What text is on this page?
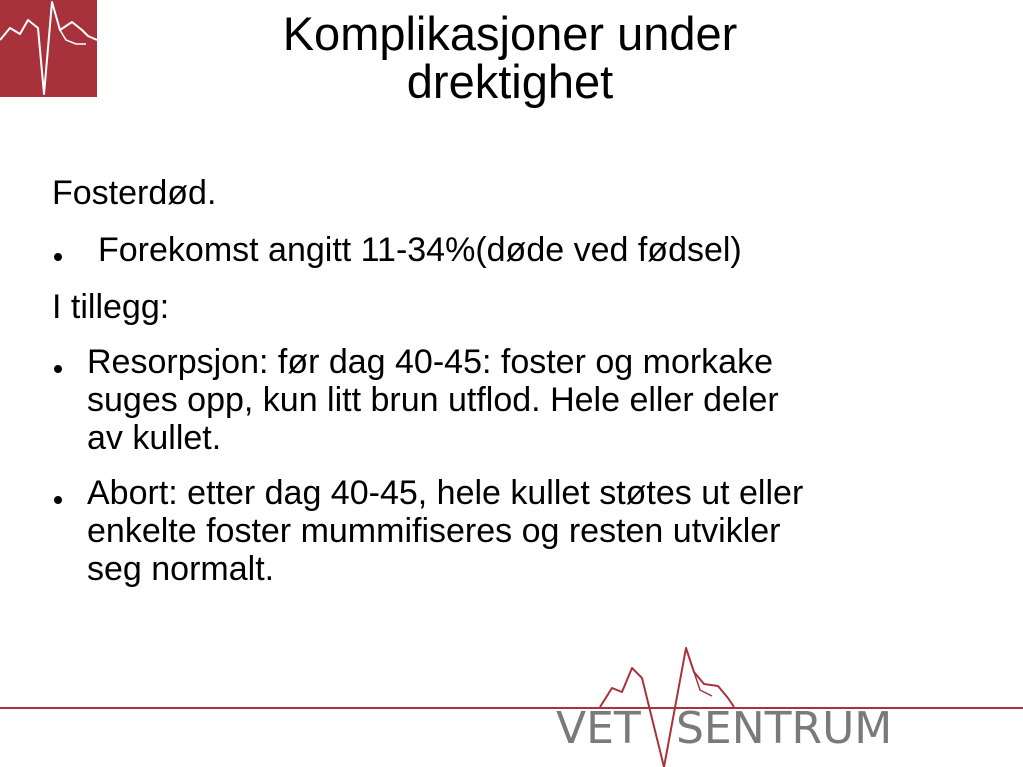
Komplikasjoner under
drektighet
Fosterdød.
Forekomst angitt 11-34%(døde ved fødsel)
I tillegg:
Resorpsjon: før dag 40-45: foster og morkake
suges opp, kun litt brun utflod. Hele eller deler
av kullet.
Abort: etter dag 40-45, hele kullet støtes ut eller
enkelte foster mummifiseres og resten utvikler
seg normalt.
VET SENTRUM
